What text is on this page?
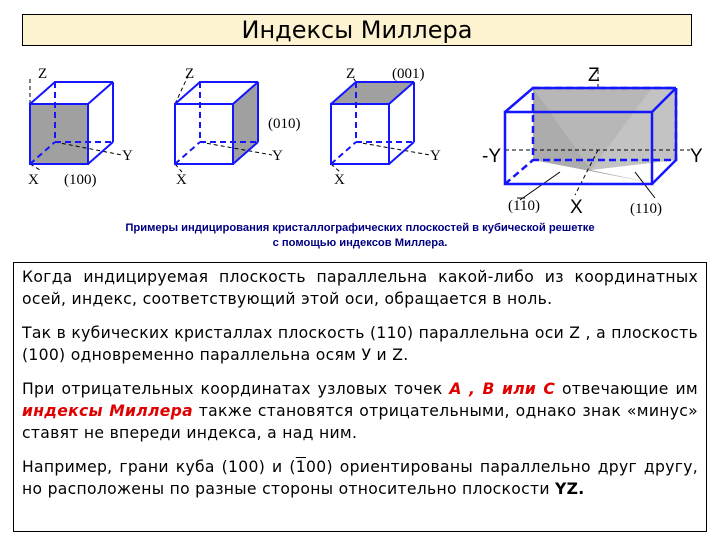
Индексы Миллера
Z
Y
X (100)
Z
Y
X
(010)
Z
Y
X
(001)	Z
Y
-Y
X
(110)	(110)
Примеры индицирования кристаллографических плоскостей в кубической решетке
с помощью индексов Миллера.

Когда индицируемая плоскость параллельна какой-либо из координатных осей, индекс, соответствующий этой оси, обращается в ноль.

Так в кубических кристаллах плоскость (110) параллельна оси Z , а плоскость (100) одновременно параллельна осям У и Z.

При отрицательных координатах узловых точек А , В или С отвечающие им индексы Миллера также становятся отрицательными, однако знак «минус» ставят не впереди индекса, а над ним.

Например, грани куба (100) и (100) ориентированы параллельно друг другу, но расположены по разные стороны относительно плоскости YZ.
